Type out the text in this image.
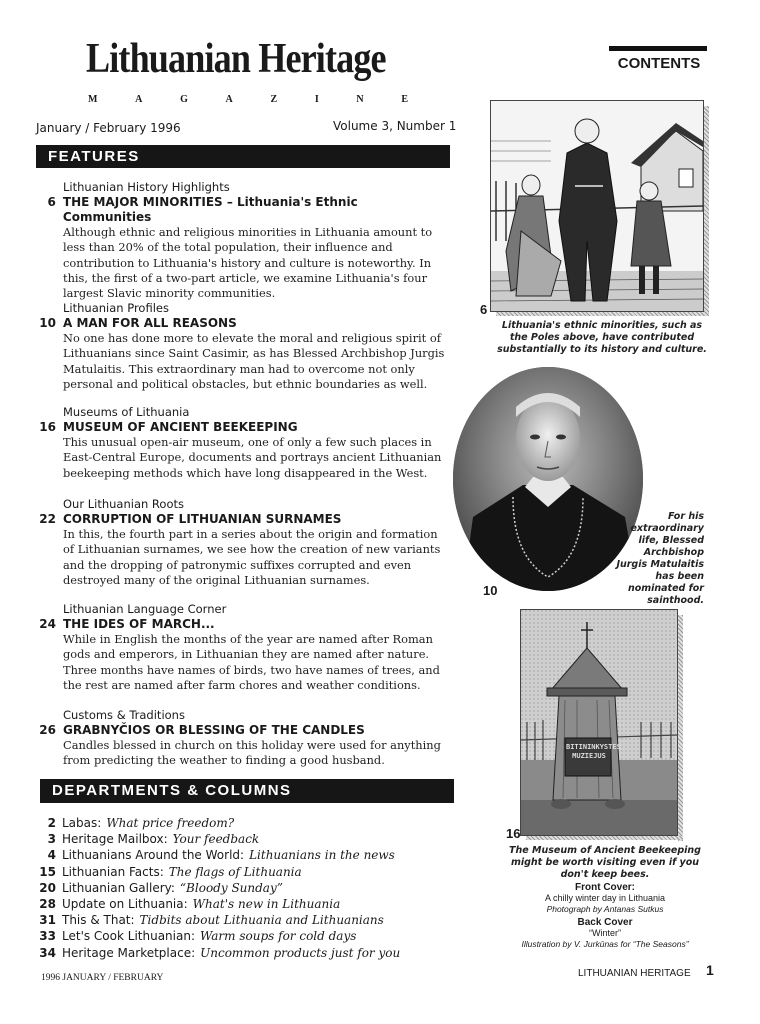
Lithuanian Heritage
M	A	G	A	Z	I	N	E
January / February 1996	Volume 3, Number 1
CONTENTS
FEATURES
Lithuanian History Highlights
6 THE MAJOR MINORITIES – Lithuania's Ethnic Communities
Although ethnic and religious minorities in Lithuania amount to less than 20% of the total population, their influence and contribution to Lithuania's history and culture is noteworthy. In this, the first of a two-part article, we examine Lithuania's four largest Slavic minority communities.
Lithuanian Profiles
10 A MAN FOR ALL REASONS
No one has done more to elevate the moral and religious spirit of Lithuanians since Saint Casimir, as has Blessed Archbishop Jurgis Matulaitis. This extraordinary man had to overcome not only personal and political obstacles, but ethnic boundaries as well.
Museums of Lithuania
16 MUSEUM OF ANCIENT BEEKEEPING
This unusual open-air museum, one of only a few such places in East-Central Europe, documents and portrays ancient Lithuanian beekeeping methods which have long disappeared in the West.
Our Lithuanian Roots
22 CORRUPTION OF LITHUANIAN SURNAMES
In this, the fourth part in a series about the origin and formation of Lithuanian surnames, we see how the creation of new variants and the dropping of patronymic suffixes corrupted and even destroyed many of the original Lithuanian surnames.
Lithuanian Language Corner
24 THE IDES OF MARCH...
While in English the months of the year are named after Roman gods and emperors, in Lithuanian they are named after nature. Three months have names of birds, two have names of trees, and the rest are named after farm chores and weather conditions.
Customs & Traditions
26 GRABNYČIOS OR BLESSING OF THE CANDLES
Candles blessed in church on this holiday were used for anything from predicting the weather to finding a good husband.
DEPARTMENTS & COLUMNS
2 Labas: What price freedom?
3 Heritage Mailbox: Your feedback
4 Lithuanians Around the World: Lithuanians in the news
15 Lithuanian Facts: The flags of Lithuania
20 Lithuanian Gallery: “Bloody Sunday”
28 Update on Lithuania: What's new in Lithuania
31 This & That: Tidbits about Lithuania and Lithuanians
33 Let's Cook Lithuanian: Warm soups for cold days
34 Heritage Marketplace: Uncommon products just for you
6
Lithuania's ethnic minorities, such as the Poles above, have contributed substantially to its history and culture.
10
For his extraordinary life, Blessed Archbishop Jurgis Matulaitis has been nominated for sainthood.
BITININKYSTES MUZIEJUS
16
The Museum of Ancient Beekeeping might be worth visiting even if you don't keep bees.
Front Cover:
A chilly winter day in Lithuania
Photograph by Antanas Sutkus
Back Cover
“Winter”
Illustration by V. Jurkūnas for “The Seasons”
1996 JANUARY / FEBRUARY	LITHUANIAN HERITAGE 1
